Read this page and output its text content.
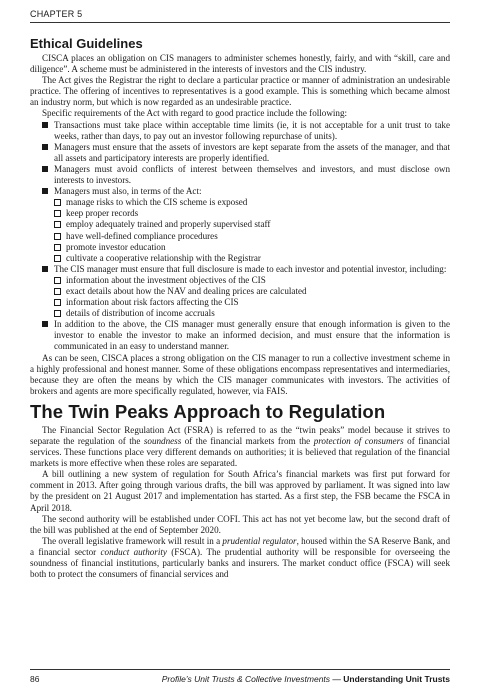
CHAPTER 5
Ethical Guidelines

CISCA places an obligation on CIS managers to administer schemes honestly, fairly, and with “skill, care and diligence”. A scheme must be administered in the interests of investors and the CIS industry.

The Act gives the Registrar the right to declare a particular practice or manner of administration an undesirable practice. The offering of incentives to representatives is a good example. This is something which became almost an industry norm, but which is now regarded as an undesirable practice.

Specific requirements of the Act with regard to good practice include the following:

Transactions must take place within acceptable time limits (ie, it is not acceptable for a unit trust to take weeks, rather than days, to pay out an investor following repurchase of units).
Managers must ensure that the assets of investors are kept separate from the assets of the manager, and that all assets and participatory interests are properly identified.
Managers must avoid conflicts of interest between themselves and investors, and must disclose own interests to investors.
Managers must also, in terms of the Act:
manage risks to which the CIS scheme is exposed
keep proper records
employ adequately trained and properly supervised staff
have well-defined compliance procedures
promote investor education
cultivate a cooperative relationship with the Registrar
The CIS manager must ensure that full disclosure is made to each investor and potential investor, including:
information about the investment objectives of the CIS
exact details about how the NAV and dealing prices are calculated
information about risk factors affecting the CIS
details of distribution of income accruals
In addition to the above, the CIS manager must generally ensure that enough information is given to the investor to enable the investor to make an informed decision, and must ensure that the information is communicated in an easy to understand manner.

As can be seen, CISCA places a strong obligation on the CIS manager to run a collective investment scheme in a highly professional and honest manner. Some of these obligations encompass representatives and intermediaries, because they are often the means by which the CIS manager communicates with investors. The activities of brokers and agents are more specifically regulated, however, via FAIS.

The Twin Peaks Approach to Regulation

The Financial Sector Regulation Act (FSRA) is referred to as the “twin peaks” model because it strives to separate the regulation of the soundness of the financial markets from the protection of consumers of financial services. These functions place very different demands on authorities; it is believed that regulation of the financial markets is more effective when these roles are separated.

A bill outlining a new system of regulation for South Africa’s financial markets was first put forward for comment in 2013. After going through various drafts, the bill was approved by parliament. It was signed into law by the president on 21 August 2017 and implementation has started. As a first step, the FSB became the FSCA in April 2018.

The second authority will be established under COFI. This act has not yet become law, but the second draft of the bill was published at the end of September 2020.

The overall legislative framework will result in a prudential regulator, housed within the SA Reserve Bank, and a financial sector conduct authority (FSCA). The prudential authority will be responsible for overseeing the soundness of financial institutions, particularly banks and insurers. The market conduct office (FSCA) will seek both to protect the consumers of financial services and

86	Profile’s Unit Trusts & Collective Investments — Understanding Unit Trusts
